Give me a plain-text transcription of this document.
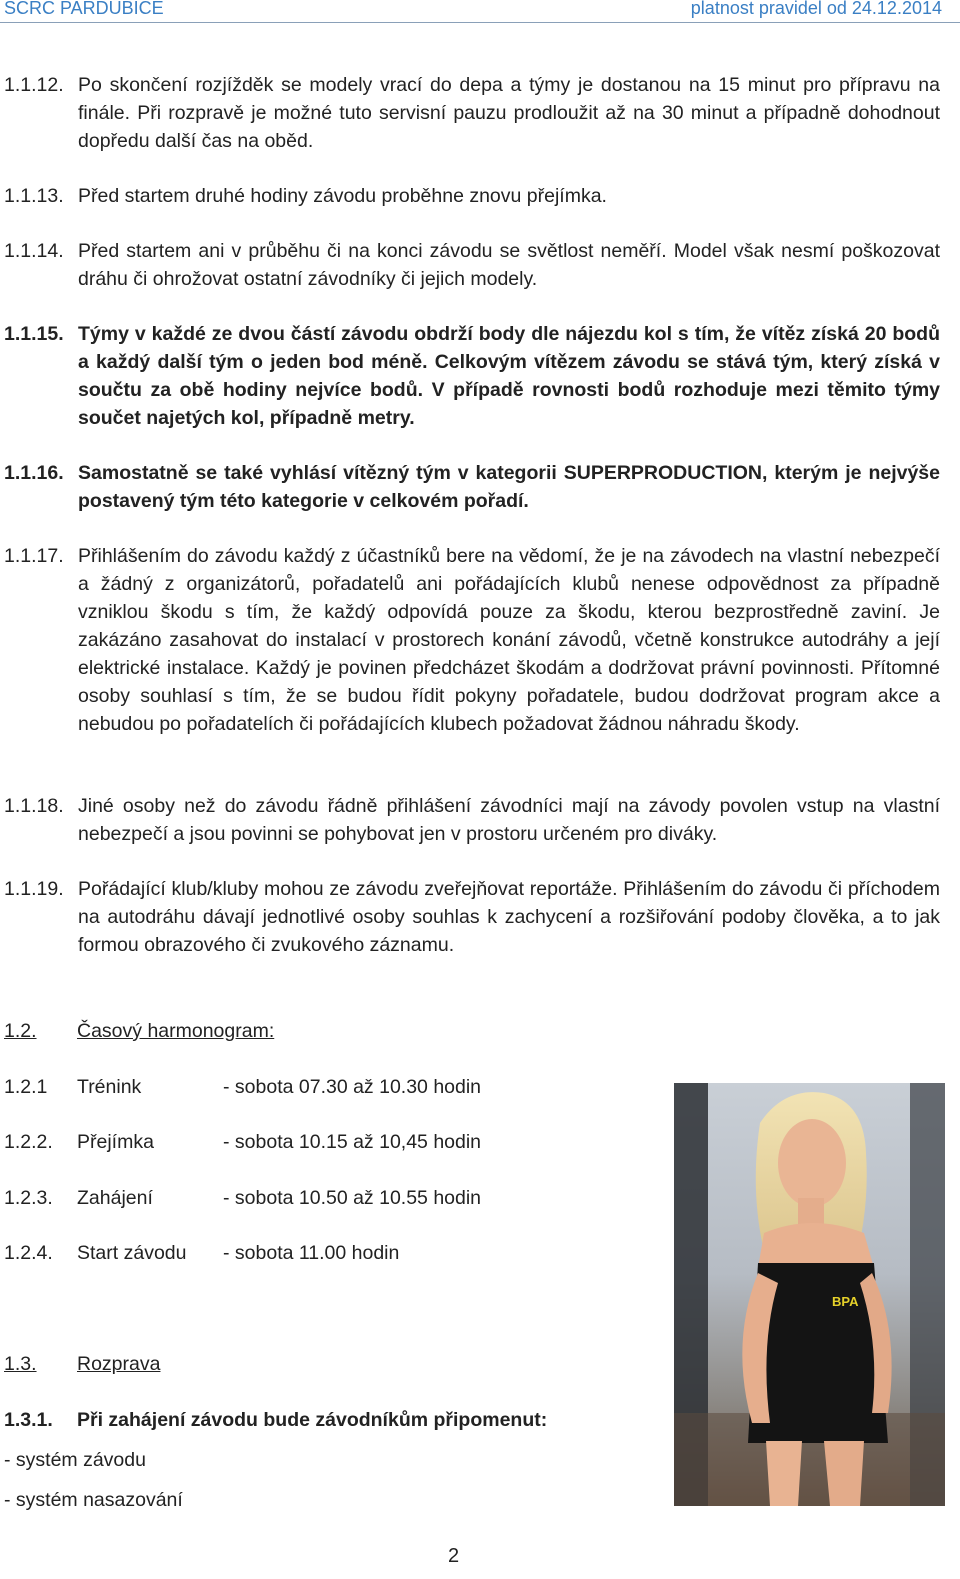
SCRC PARDUBICE	platnost pravidel od 24.12.2014
1.1.12. Po skončení rozjížděk se modely vrací do depa a týmy je dostanou na 15 minut pro přípravu na finále. Při rozpravě je možné tuto servisní pauzu prodloužit až na 30 minut a případně dohodnout dopředu další čas na oběd.
1.1.13. Před startem druhé hodiny závodu proběhne znovu přejímka.
1.1.14. Před startem ani v průběhu či na konci závodu se světlost neměří. Model však nesmí poškozovat dráhu či ohrožovat ostatní závodníky či jejich modely.
1.1.15. Týmy v každé ze dvou částí závodu obdrží body dle nájezdu kol s tím, že vítěz získá 20 bodů a každý další tým o jeden bod méně. Celkovým vítězem závodu se stává tým, který získá v součtu za obě hodiny nejvíce bodů. V případě rovnosti bodů rozhoduje mezi těmito týmy součet najetých kol, případně metry.
1.1.16. Samostatně se také vyhlásí vítězný tým v kategorii SUPERPRODUCTION, kterým je nejvýše postavený tým této kategorie v celkovém pořadí.
1.1.17. Přihlášením do závodu každý z účastníků bere na vědomí, že je na závodech na vlastní nebezpečí a žádný z organizátorů, pořadatelů ani pořádajících klubů nenese odpovědnost za případně vzniklou škodu s tím, že každý odpovídá pouze za škodu, kterou bezprostředně zaviní. Je zakázáno zasahovat do instalací v prostorech konání závodů, včetně konstrukce autodráhy a její elektrické instalace. Každý je povinen předcházet škodám a dodržovat právní povinnosti. Přítomné osoby souhlasí s tím, že se budou řídit pokyny pořadatele, budou dodržovat program akce a nebudou po pořadatelích či pořádajících klubech požadovat žádnou náhradu škody.
1.1.18. Jiné osoby než do závodu řádně přihlášení závodníci mají na závody povolen vstup na vlastní nebezpečí a jsou povinni se pohybovat jen v prostoru určeném pro diváky.
1.1.19. Pořádající klub/kluby mohou ze závodu zveřejňovat reportáže. Přihlášením do závodu či příchodem na autodráhu dávají jednotlivé osoby souhlas k zachycení a rozšiřování podoby člověka, a to jak formou obrazového či zvukového záznamu.
1.2. Časový harmonogram:
1.2.1 Trénink	- sobota 07.30 až 10.30 hodin
1.2.2. Přejímka	- sobota 10.15 až 10,45 hodin
1.2.3. Zahájení	- sobota 10.50 až 10.55 hodin
1.2.4. Start závodu - sobota 11.00 hodin
1.3. Rozprava
1.3.1. Při zahájení závodu bude závodníkům připomenut:
- systém závodu
- systém nasazování
BPA
2
